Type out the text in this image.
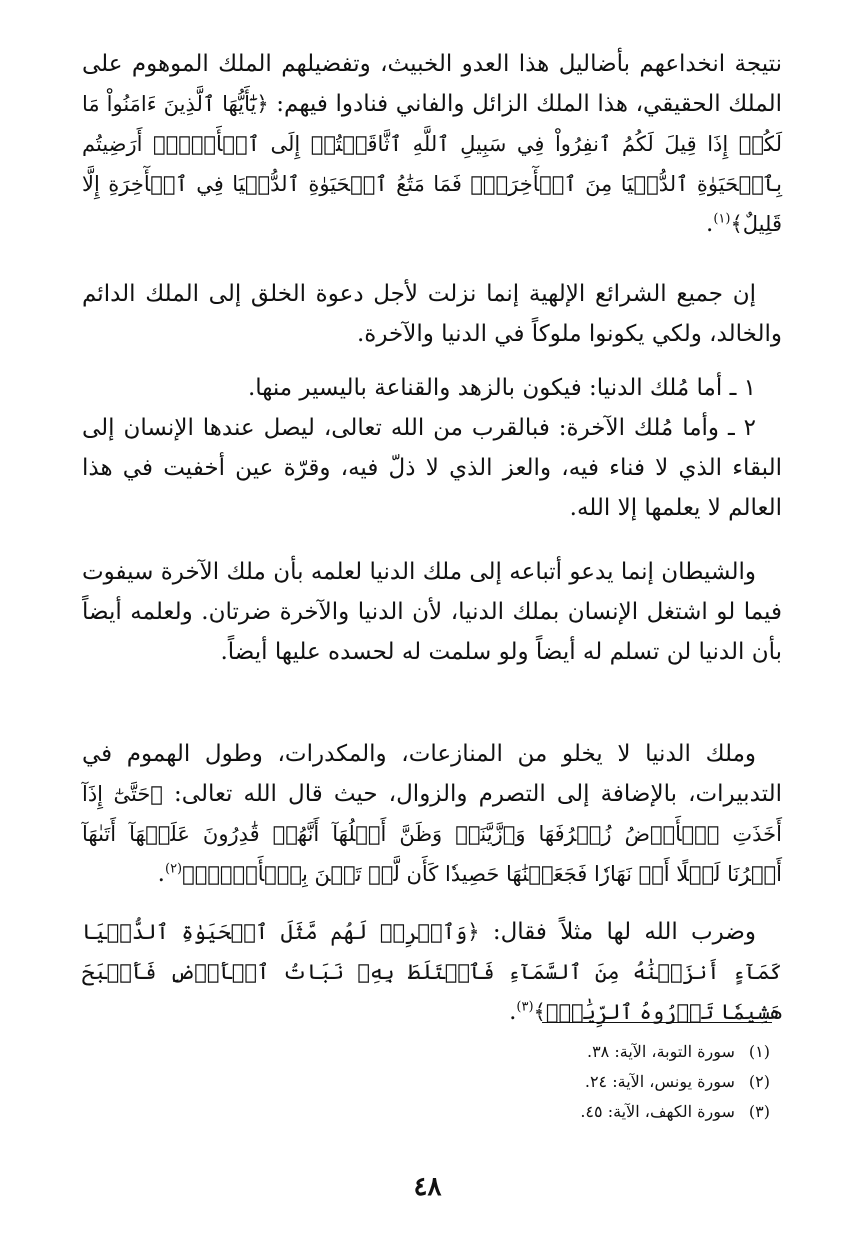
نتيجة انخداعهم بأضاليل هذا العدو الخبيث، وتفضيلهم الملك الموهوم على الملك الحقيقي، هذا الملك الزائل والفاني فنادوا فيهم: ﴿يَٰٓأَيُّهَا ٱلَّذِينَ ءَامَنُواْ مَا لَكُمۡ إِذَا قِيلَ لَكُمُ ٱنفِرُواْ فِي سَبِيلِ ٱللَّهِ ٱثَّاقَلۡتُمۡ إِلَى ٱلۡأَرۡضِۚ أَرَضِيتُم بِٱلۡحَيَوٰةِ ٱلدُّنۡيَا مِنَ ٱلۡأٓخِرَةِۚ فَمَا مَتَٰعُ ٱلۡحَيَوٰةِ ٱلدُّنۡيَا فِي ٱلۡأٓخِرَةِ إِلَّا قَلِيلٌ﴾$^{(١)}$.

إن جميع الشرائع الإلهية إنما نزلت لأجل دعوة الخلق إلى الملك الدائم والخالد، ولكي يكونوا ملوكاً في الدنيا والآخرة.

١ ـ أما مُلك الدنيا: فيكون بالزهد والقناعة باليسير منها.

٢ ـ وأما مُلك الآخرة: فبالقرب من الله تعالى، ليصل عندها الإنسان إلى البقاء الذي لا فناء فيه، والعز الذي لا ذلّ فيه، وقرّة عين أخفيت في هذا العالم لا يعلمها إلا الله.

والشيطان إنما يدعو أتباعه إلى ملك الدنيا لعلمه بأن ملك الآخرة سيفوت فيما لو اشتغل الإنسان بملك الدنيا، لأن الدنيا والآخرة ضرتان. ولعلمه أيضاً بأن الدنيا لن تسلم له أيضاً ولو سلمت له لحسده عليها أيضاً.

وملك الدنيا لا يخلو من المنازعات، والمكدرات، وطول الهموم في التدبيرات، بالإضافة إلى التصرم والزوال، حيث قال الله تعالى: ﴿حَتَّىٰٓ إِذَآ أَخَذَتِ ٱلۡأَرۡضُ زُخۡرُفَهَا وَٱزَّيَّنَتۡ وَظَنَّ أَهۡلُهَآ أَنَّهُمۡ قَٰدِرُونَ عَلَيۡهَآ أَتَىٰهَآ أَمۡرُنَا لَيۡلًا أَوۡ نَهَارٗا فَجَعَلۡنَٰهَا حَصِيدٗا كَأَن لَّمۡ تَغۡنَ بِٱلۡأَمۡسِۚ﴾$^{(٢)}$.

وضرب الله لها مثلاً فقال: ﴿وَٱضۡرِبۡ لَهُم مَّثَلَ ٱلۡحَيَوٰةِ ٱلدُّنۡيَا كَمَآءٍ أَنزَلۡنَٰهُ مِنَ ٱلسَّمَآءِ فَٱخۡتَلَطَ بِهِۦ نَبَاتُ ٱلۡأَرۡضِ فَأَصۡبَحَ هَشِيمٗا تَذۡرُوهُ ٱلرِّيَٰحُۗ﴾$^{(٣)}$.

(١)سورة التوبة، الآية: ٣٨.
(٢)سورة يونس، الآية: ٢٤.
(٣)سورة الكهف، الآية: ٤٥.
٤٨
